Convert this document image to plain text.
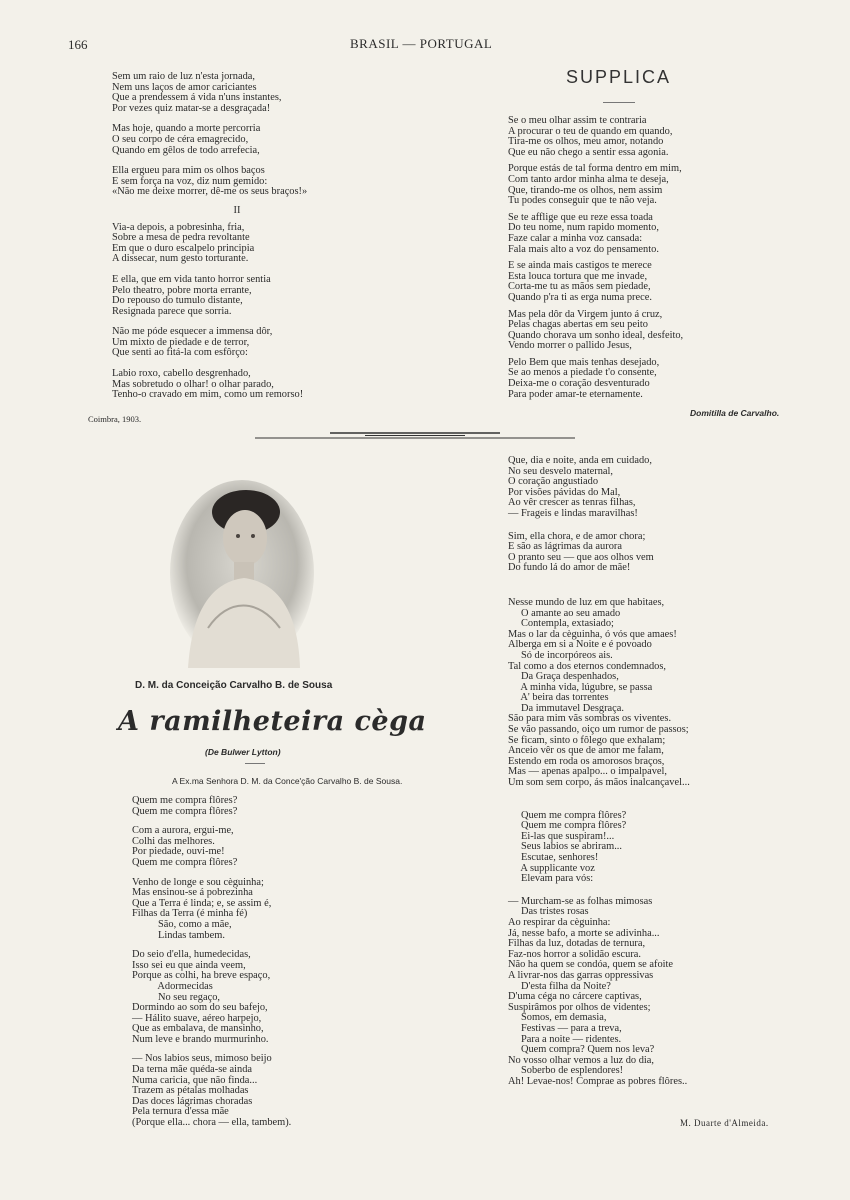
166	BRASIL — PORTUGAL
Sem um raio de luz n'esta jornada,
Nem uns laços de amor cariciantes
Que a prendessem á vida n'uns instantes,
Por vezes quiz matar-se a desgraçada!
Mas hoje, quando a morte percorria
O seu corpo de céra emagrecido,
Quando em gêlos de todo arrefecia,
Ella ergueu para mim os olhos baços
E sem força na voz, diz num gemido:
«Não me deixe morrer, dê-me os seus braços!»
II
Via-a depois, a pobresinha, fria,
Sobre a mesa de pedra revoltante
Em que o duro escalpelo principia
A dissecar, num gesto torturante.
E ella, que em vida tanto horror sentia
Pelo theatro, pobre morta errante,
Do repouso do tumulo distante,
Resignada parece que sorria.
Não me póde esquecer a immensa dôr,
Um mixto de piedade e de terror,
Que senti ao fitá-la com esfôrço:
Labio roxo, cabello desgrenhado,
Mas sobretudo o olhar! o olhar parado,
Tenho-o cravado em mim, como um remorso!
Coimbra, 1903.
SUPPLICA
Se o meu olhar assim te contraria
A procurar o teu de quando em quando,
Tira-me os olhos, meu amor, notando
Que eu não chego a sentir essa agonia.
Porque estás de tal forma dentro em mim,
Com tanto ardor minha alma te deseja,
Que, tirando-me os olhos, nem assim
Tu podes conseguir que te não veja.
Se te afflige que eu reze essa toada
Do teu nome, num rapido momento,
Faze calar a minha voz cansada:
Fala mais alto a voz do pensamento.
E se ainda mais castigos te merece
Esta louca tortura que me invade,
Corta-me tu as mãos sem piedade,
Quando p'ra ti as erga numa prece.
Mas pela dôr da Virgem junto á cruz,
Pelas chagas abertas em seu peito
Quando chorava um sonho ideal, desfeito,
Vendo morrer o pallido Jesus,
Pelo Bem que mais tenhas desejado,
Se ao menos a piedade t'o consente,
Deixa-me o coração desventurado
Para poder amar-te eternamente.
Domitilla de Carvalho.
D. M. da Conceição Carvalho B. de Sousa
A ramilheteira cèga
(De Bulwer Lytton)
A Ex.ma Senhora D. M. da Conce'ção Carvalho B. de Sousa.
Quem me compra flôres?
Quem me compra flôres?
Com a aurora, ergui-me,
Colhi das melhores.
Por piedade, ouvi-me!
Quem me compra flôres?
Venho de longe e sou cèguinha;
Mas ensinou-se á pobrezinha
Que a Terra é linda; e, se assim é,
Filhas da Terra (é minha fé)
São, como a mãe,
Lindas tambem.
Do seio d'ella, humedecidas,
Isso sei eu que ainda veem,
Porque as colhi, ha breve espaço,
Adormecidas
No seu regaço,
Dormindo ao som do seu bafejo,
— Hálito suave, aéreo harpejo,
Que as embalava, de mansinho,
Num leve e brando murmurinho.
— Nos labios seus, mimoso beijo
Da terna mãe quéda-se ainda
Numa caricia, que não finda...
Trazem as pétalas molhadas
Das doces lágrimas choradas
Pela ternura d'essa mãe
(Porque ella... chora — ella, tambem).
Que, dia e noite, anda em cuidado,
No seu desvelo maternal,
O coração angustiado
Por visões pávidas do Mal,
Ao vêr crescer as tenras filhas,
— Frageis e lindas maravilhas!
Sim, ella chora, e de amor chora;
E são as lágrimas da aurora
O pranto seu — que aos olhos vem
Do fundo lá do amor de mãe!
Nesse mundo de luz em que habitaes,
O amante ao seu amado
Contempla, extasiado;
Mas o lar da cèguinha, ó vós que amaes!
Alberga em si a Noite e é povoado
Só de incorpóreos ais.
Tal como a dos eternos condemnados,
Da Graça despenhados,
A minha vida, lúgubre, se passa
A' beira das torrentes
Da immutavel Desgraça.
São para mim vãs sombras os viventes.
Se vão passando, oiço um rumor de passos;
Se ficam, sinto o fôlego que exhalam;
Anceio vêr os que de amor me falam,
Estendo em roda os amorosos braços,
Mas — apenas apalpo... o impalpavel,
Um som sem corpo, ás mãos inalcançavel...
Quem me compra flôres?
Quem me compra flôres?
Ei-las que suspiram!...
Seus labios se abriram...
Escutae, senhores!
A supplicante voz
Elevam para vós:
— Murcham-se as folhas mimosas
Das tristes rosas
Ao respirar da cèguinha:
Já, nesse bafo, a morte se adivinha...
Filhas da luz, dotadas de ternura,
Faz-nos horror a solidão escura.
Não ha quem se condóa, quem se afoite
A livrar-nos das garras oppressivas
D'esta filha da Noite?
D'uma céga no cárcere captivas,
Suspirâmos por olhos de videntes;
Somos, em demasia,
Festivas — para a treva,
Para a noite — ridentes.
Quem compra? Quem nos leva?
No vosso olhar vemos a luz do dia,
Soberbo de esplendores!
Ah! Levae-nos! Comprae as pobres flôres..
M. Duarte d'Almeida.
